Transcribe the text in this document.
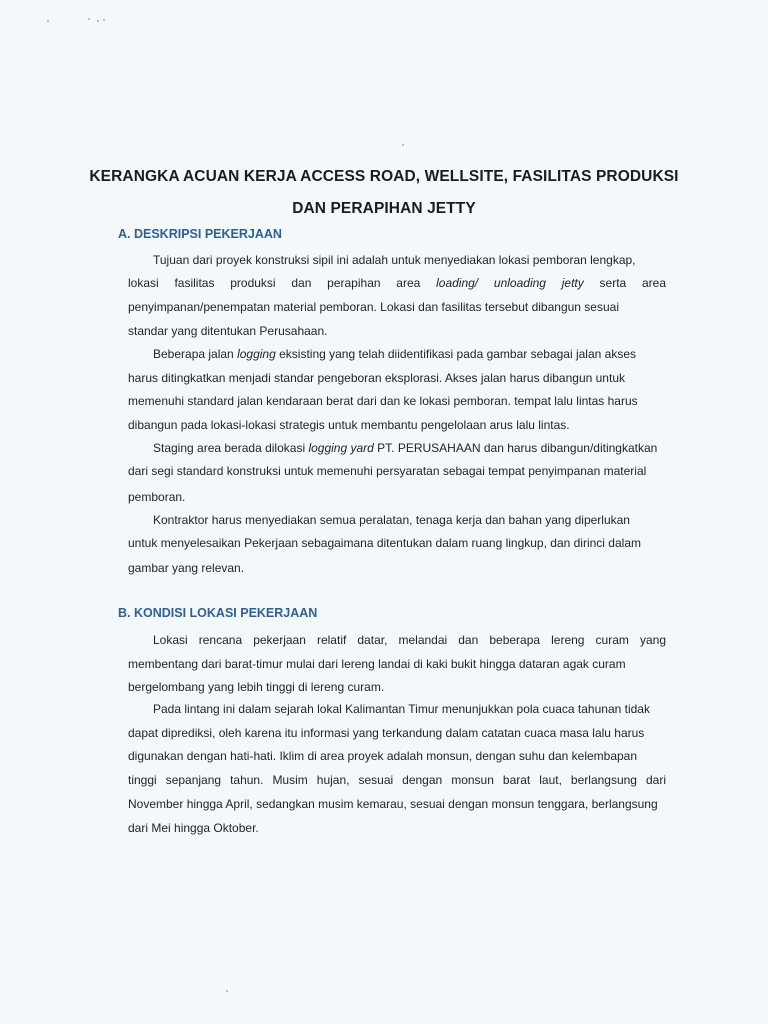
KERANGKA ACUAN KERJA ACCESS ROAD, WELLSITE, FASILITAS PRODUKSI
DAN PERAPIHAN JETTY
A. DESKRIPSI PEKERJAAN
Tujuan dari proyek konstruksi sipil ini adalah untuk menyediakan lokasi pemboran lengkap,
lokasi fasilitas produksi dan perapihan area loading/ unloading jetty serta area
penyimpanan/penempatan material pemboran. Lokasi dan fasilitas tersebut dibangun sesuai
standar yang ditentukan Perusahaan.
Beberapa jalan logging eksisting yang telah diidentifikasi pada gambar sebagai jalan akses
harus ditingkatkan menjadi standar pengeboran eksplorasi. Akses jalan harus dibangun untuk
memenuhi standard jalan kendaraan berat dari dan ke lokasi pemboran. tempat lalu lintas harus
dibangun pada lokasi-lokasi strategis untuk membantu pengelolaan arus lalu lintas.
Staging area berada dilokasi logging yard PT. PERUSAHAAN dan harus dibangun/ditingkatkan
dari segi standard konstruksi untuk memenuhi persyaratan sebagai tempat penyimpanan material
pemboran.
Kontraktor harus menyediakan semua peralatan, tenaga kerja dan bahan yang diperlukan
untuk menyelesaikan Pekerjaan sebagaimana ditentukan dalam ruang lingkup, dan dirinci dalam
gambar yang relevan.
B. KONDISI LOKASI PEKERJAAN
Lokasi rencana pekerjaan relatif datar, melandai dan beberapa lereng curam yang
membentang dari barat-timur mulai dari lereng landai di kaki bukit hingga dataran agak curam
bergelombang yang lebih tinggi di lereng curam.
Pada lintang ini dalam sejarah lokal Kalimantan Timur menunjukkan pola cuaca tahunan tidak
dapat diprediksi, oleh karena itu informasi yang terkandung dalam catatan cuaca masa lalu harus
digunakan dengan hati-hati. Iklim di area proyek adalah monsun, dengan suhu dan kelembapan
tinggi sepanjang tahun. Musim hujan, sesuai dengan monsun barat laut, berlangsung dari
November hingga April, sedangkan musim kemarau, sesuai dengan monsun tenggara, berlangsung
dari Mei hingga Oktober.
